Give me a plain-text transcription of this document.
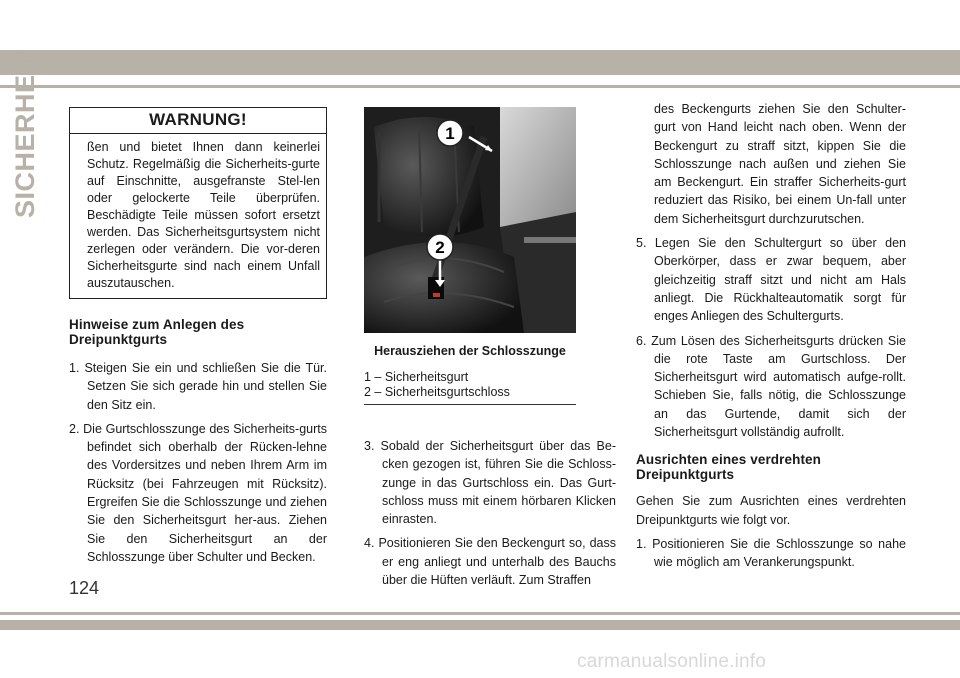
SICHERHEIT	WARNUNG!
ßen und bietet Ihnen dann keinerlei Schutz. Regelmäßig die Sicherheits-gurte auf Einschnitte, ausgefranste Stel-len oder gelockerte Teile überprüfen. Beschädigte Teile müssen sofort ersetzt werden. Das Sicherheitsgurtsystem nicht zerlegen oder verändern. Die vor-deren Sicherheitsgurte sind nach einem Unfall auszutauschen.
Hinweise zum Anlegen des Dreipunktgurts
1. Steigen Sie ein und schließen Sie die Tür. Setzen Sie sich gerade hin und stellen Sie den Sitz ein.
2. Die Gurtschlosszunge des Sicherheits-gurts befindet sich oberhalb der Rücken-lehne des Vordersitzes und neben Ihrem Arm im Rücksitz (bei Fahrzeugen mit Rücksitz). Ergreifen Sie die Schlosszunge und ziehen Sie den Sicherheitsgurt her-aus. Ziehen Sie den Sicherheitsgurt an der Schlosszunge über Schulter und Becken.
1
2
Herausziehen der Schlosszunge
1 – Sicherheitsgurt
2 – Sicherheitsgurtschloss
3. Sobald der Sicherheitsgurt über das Be-cken gezogen ist, führen Sie die Schloss-zunge in das Gurtschloss ein. Das Gurt-schloss muss mit einem hörbaren Klicken einrasten.
4. Positionieren Sie den Beckengurt so, dass er eng anliegt und unterhalb des Bauchs über die Hüften verläuft. Zum Straffen

des Beckengurts ziehen Sie den Schulter-gurt von Hand leicht nach oben. Wenn der Beckengurt zu straff sitzt, kippen Sie die Schlosszunge nach außen und ziehen Sie am Beckengurt. Ein straffer Sicherheits-gurt reduziert das Risiko, bei einem Un-fall unter dem Sicherheitsgurt durchzurutschen.

5. Legen Sie den Schultergurt so über den Oberkörper, dass er zwar bequem, aber gleichzeitig straff sitzt und nicht am Hals anliegt. Die Rückhalteautomatik sorgt für enges Anliegen des Schultergurts.
6. Zum Lösen des Sicherheitsgurts drücken Sie die rote Taste am Gurtschloss. Der Sicherheitsgurt wird automatisch aufge-rollt. Schieben Sie, falls nötig, die Schlosszunge an das Gurtende, damit sich der Sicherheitsgurt vollständig aufrollt.
Ausrichten eines verdrehten Dreipunktgurts

Gehen Sie zum Ausrichten eines verdrehten Dreipunktgurts wie folgt vor.

1. Positionieren Sie die Schlosszunge so nahe wie möglich am Verankerungspunkt.
124
carmanualsonline.info
